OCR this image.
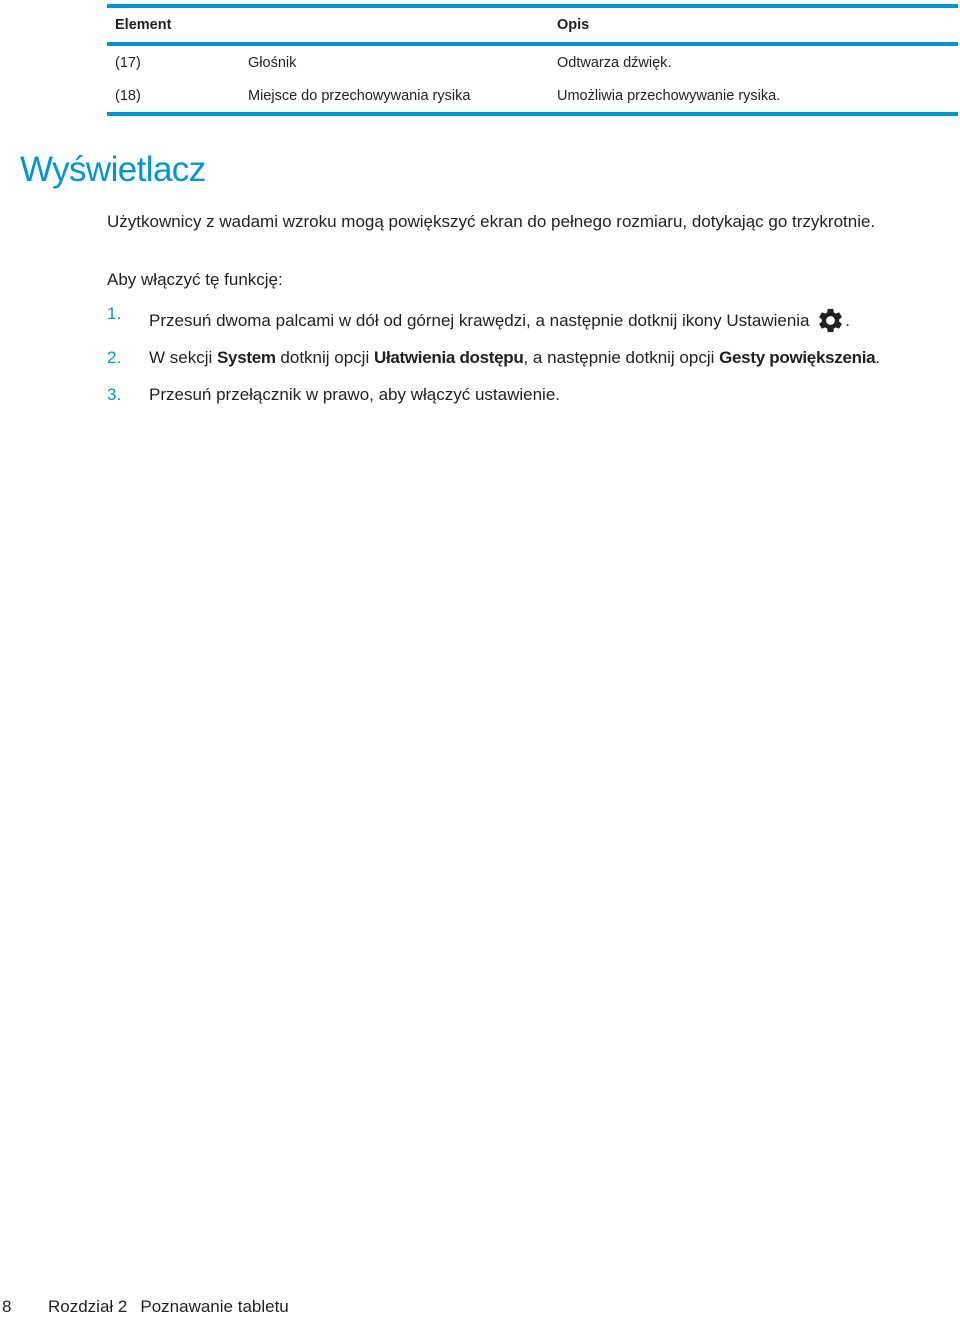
Element		Opis
(17)	Głośnik	Odtwarza dźwięk.
(18)	Miejsce do przechowywania rysika	Umożliwia przechowywanie rysika.
Wyświetlacz

Użytkownicy z wadami wzroku mogą powiększyć ekran do pełnego rozmiaru, dotykając go trzykrotnie.

Aby włączyć tę funkcję:

1. Przesuń dwoma palcami w dół od górnej krawędzi, a następnie dotknij ikony Ustawienia .
2. W sekcji System dotknij opcji Ułatwienia dostępu, a następnie dotknij opcji Gesty powiększenia.
3. Przesuń przełącznik w prawo, aby włączyć ustawienie.
8 Rozdział 2 Poznawanie tabletu
